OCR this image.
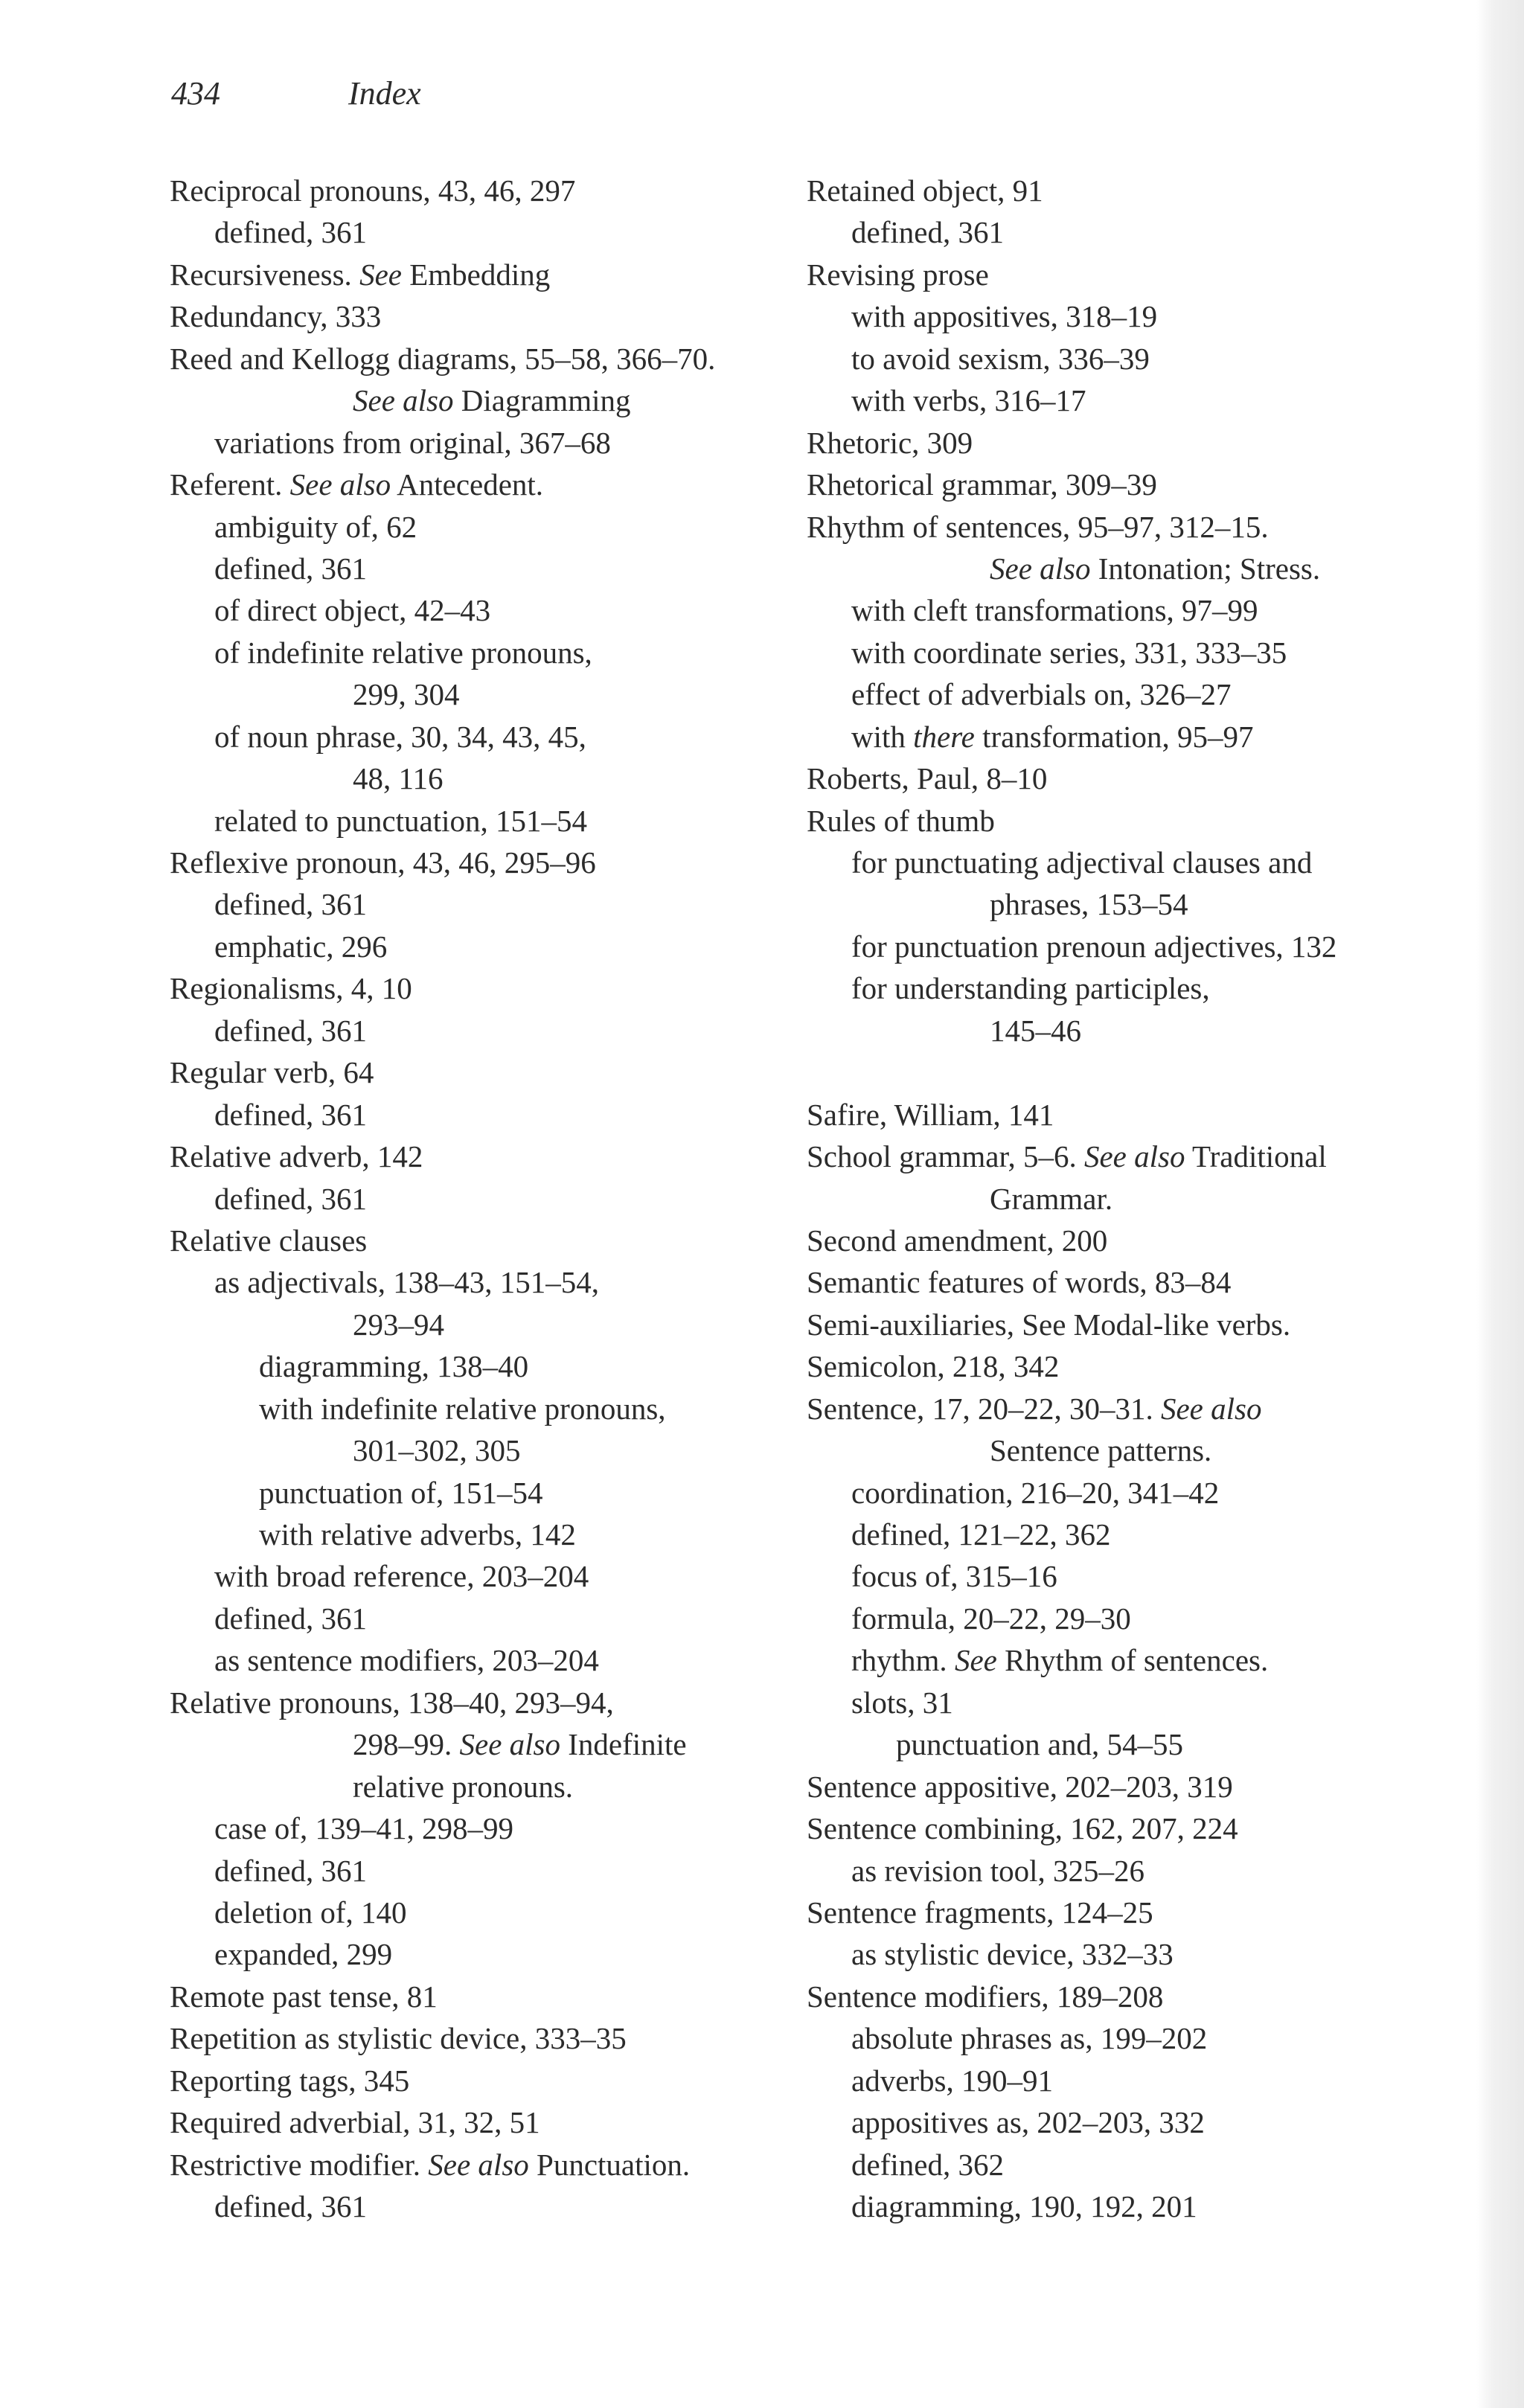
434	Index
Reciprocal pronouns, 43, 46, 297
defined, 361
Recursiveness. See Embedding
Redundancy, 333
Reed and Kellogg diagrams, 55–58, 366–70.
See also Diagramming
variations from original, 367–68
Referent. See also Antecedent.
ambiguity of, 62
defined, 361
of direct object, 42–43
of indefinite relative pronouns,
299, 304
of noun phrase, 30, 34, 43, 45,
48, 116
related to punctuation, 151–54
Reflexive pronoun, 43, 46, 295–96
defined, 361
emphatic, 296
Regionalisms, 4, 10
defined, 361
Regular verb, 64
defined, 361
Relative adverb, 142
defined, 361
Relative clauses
as adjectivals, 138–43, 151–54,
293–94
diagramming, 138–40
with indefinite relative pronouns,
301–302, 305
punctuation of, 151–54
with relative adverbs, 142
with broad reference, 203–204
defined, 361
as sentence modifiers, 203–204
Relative pronouns, 138–40, 293–94,
298–99. See also Indefinite
relative pronouns.
case of, 139–41, 298–99
defined, 361
deletion of, 140
expanded, 299
Remote past tense, 81
Repetition as stylistic device, 333–35
Reporting tags, 345
Required adverbial, 31, 32, 51
Restrictive modifier. See also Punctuation.
defined, 361
Retained object, 91
defined, 361
Revising prose
with appositives, 318–19
to avoid sexism, 336–39
with verbs, 316–17
Rhetoric, 309
Rhetorical grammar, 309–39
Rhythm of sentences, 95–97, 312–15.
See also Intonation; Stress.
with cleft transformations, 97–99
with coordinate series, 331, 333–35
effect of adverbials on, 326–27
with there transformation, 95–97
Roberts, Paul, 8–10
Rules of thumb
for punctuating adjectival clauses and
phrases, 153–54
for punctuation prenoun adjectives, 132
for understanding participles,
145–46
Safire, William, 141
School grammar, 5–6. See also Traditional
Grammar.
Second amendment, 200
Semantic features of words, 83–84
Semi-auxiliaries, See Modal-like verbs.
Semicolon, 218, 342
Sentence, 17, 20–22, 30–31. See also
Sentence patterns.
coordination, 216–20, 341–42
defined, 121–22, 362
focus of, 315–16
formula, 20–22, 29–30
rhythm. See Rhythm of sentences.
slots, 31
punctuation and, 54–55
Sentence appositive, 202–203, 319
Sentence combining, 162, 207, 224
as revision tool, 325–26
Sentence fragments, 124–25
as stylistic device, 332–33
Sentence modifiers, 189–208
absolute phrases as, 199–202
adverbs, 190–91
appositives as, 202–203, 332
defined, 362
diagramming, 190, 192, 201
